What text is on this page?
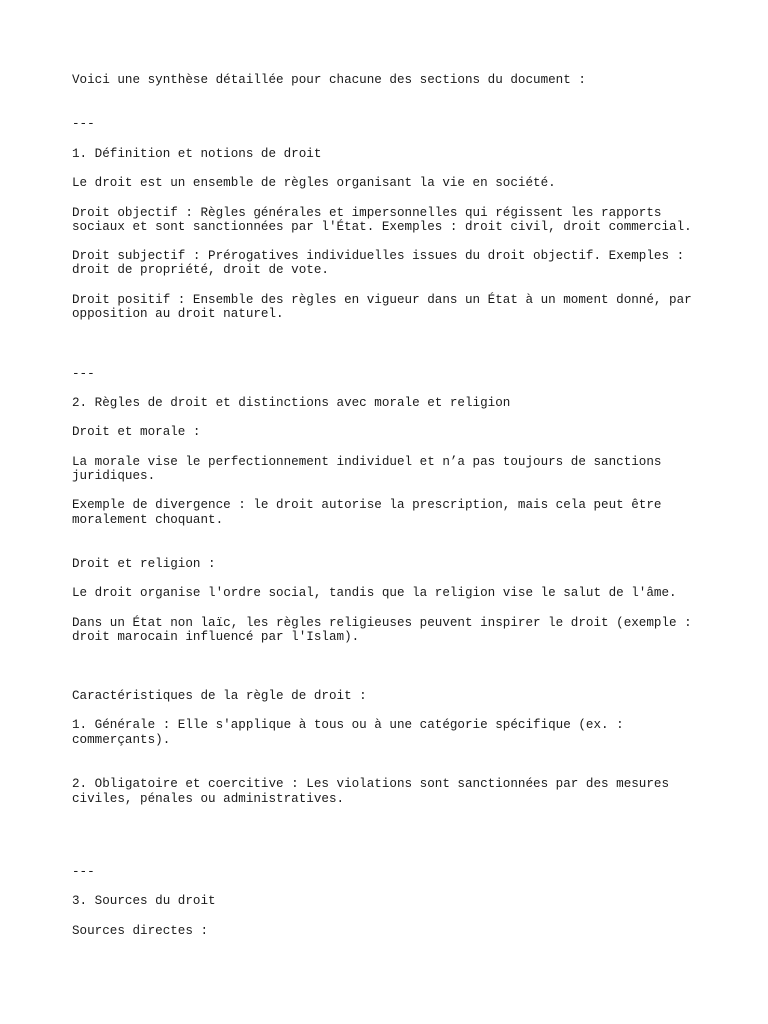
Voici une synthèse détaillée pour chacune des sections du document :

---

1. Définition et notions de droit

Le droit est un ensemble de règles organisant la vie en société.

Droit objectif : Règles générales et impersonnelles qui régissent les rapports

sociaux et sont sanctionnées par l'État. Exemples : droit civil, droit commercial.

Droit subjectif : Prérogatives individuelles issues du droit objectif. Exemples :

droit de propriété, droit de vote.

Droit positif : Ensemble des règles en vigueur dans un État à un moment donné, par

opposition au droit naturel.

---

2. Règles de droit et distinctions avec morale et religion

Droit et morale :

La morale vise le perfectionnement individuel et n’a pas toujours de sanctions

juridiques.

Exemple de divergence : le droit autorise la prescription, mais cela peut être

moralement choquant.

Droit et religion :

Le droit organise l'ordre social, tandis que la religion vise le salut de l'âme.

Dans un État non laïc, les règles religieuses peuvent inspirer le droit (exemple :

droit marocain influencé par l'Islam).

Caractéristiques de la règle de droit :

1. Générale : Elle s'applique à tous ou à une catégorie spécifique (ex. :

commerçants).

2. Obligatoire et coercitive : Les violations sont sanctionnées par des mesures

civiles, pénales ou administratives.

---

3. Sources du droit

Sources directes :
